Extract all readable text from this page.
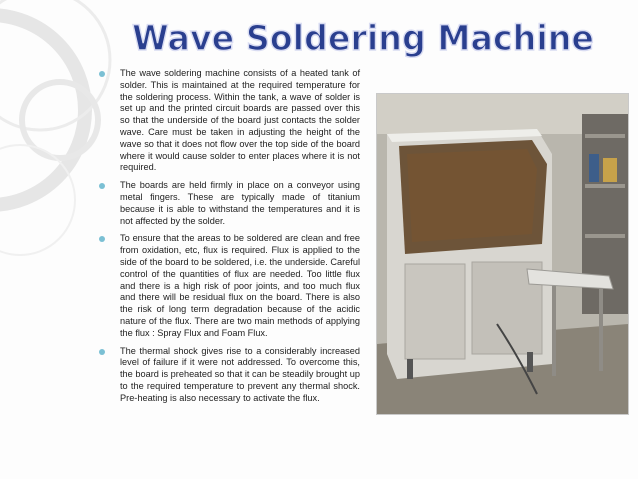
Wave Soldering Machine
The wave soldering machine consists of a heated tank of solder. This is maintained at the required temperature for the soldering process. Within the tank, a wave of solder is set up and the printed circuit boards are passed over this so that the underside of the board just contacts the solder wave. Care must be taken in adjusting the height of the wave so that it does not flow over the top side of the board where it would cause solder to enter places where it is not required.
The boards are held firmly in place on a conveyor using metal fingers. These are typically made of titanium because it is able to withstand the temperatures and it is not affected by the solder.
To ensure that the areas to be soldered are clean and free from oxidation, etc, flux is required. Flux is applied to the side of the board to be soldered, i.e. the underside. Careful control of the quantities of flux are needed. Too little flux and there is a high risk of poor joints, and too much flux and there will be residual flux on the board. There is also the risk of long term degradation because of the acidic nature of the flux. There are two main methods of applying the flux : Spray Flux and Foam Flux.
The thermal shock gives rise to a considerably increased level of failure if it were not addressed. To overcome this, the board is preheated so that it can be steadily brought up to the required temperature to prevent any thermal shock. Pre-heating is also necessary to activate the flux.
